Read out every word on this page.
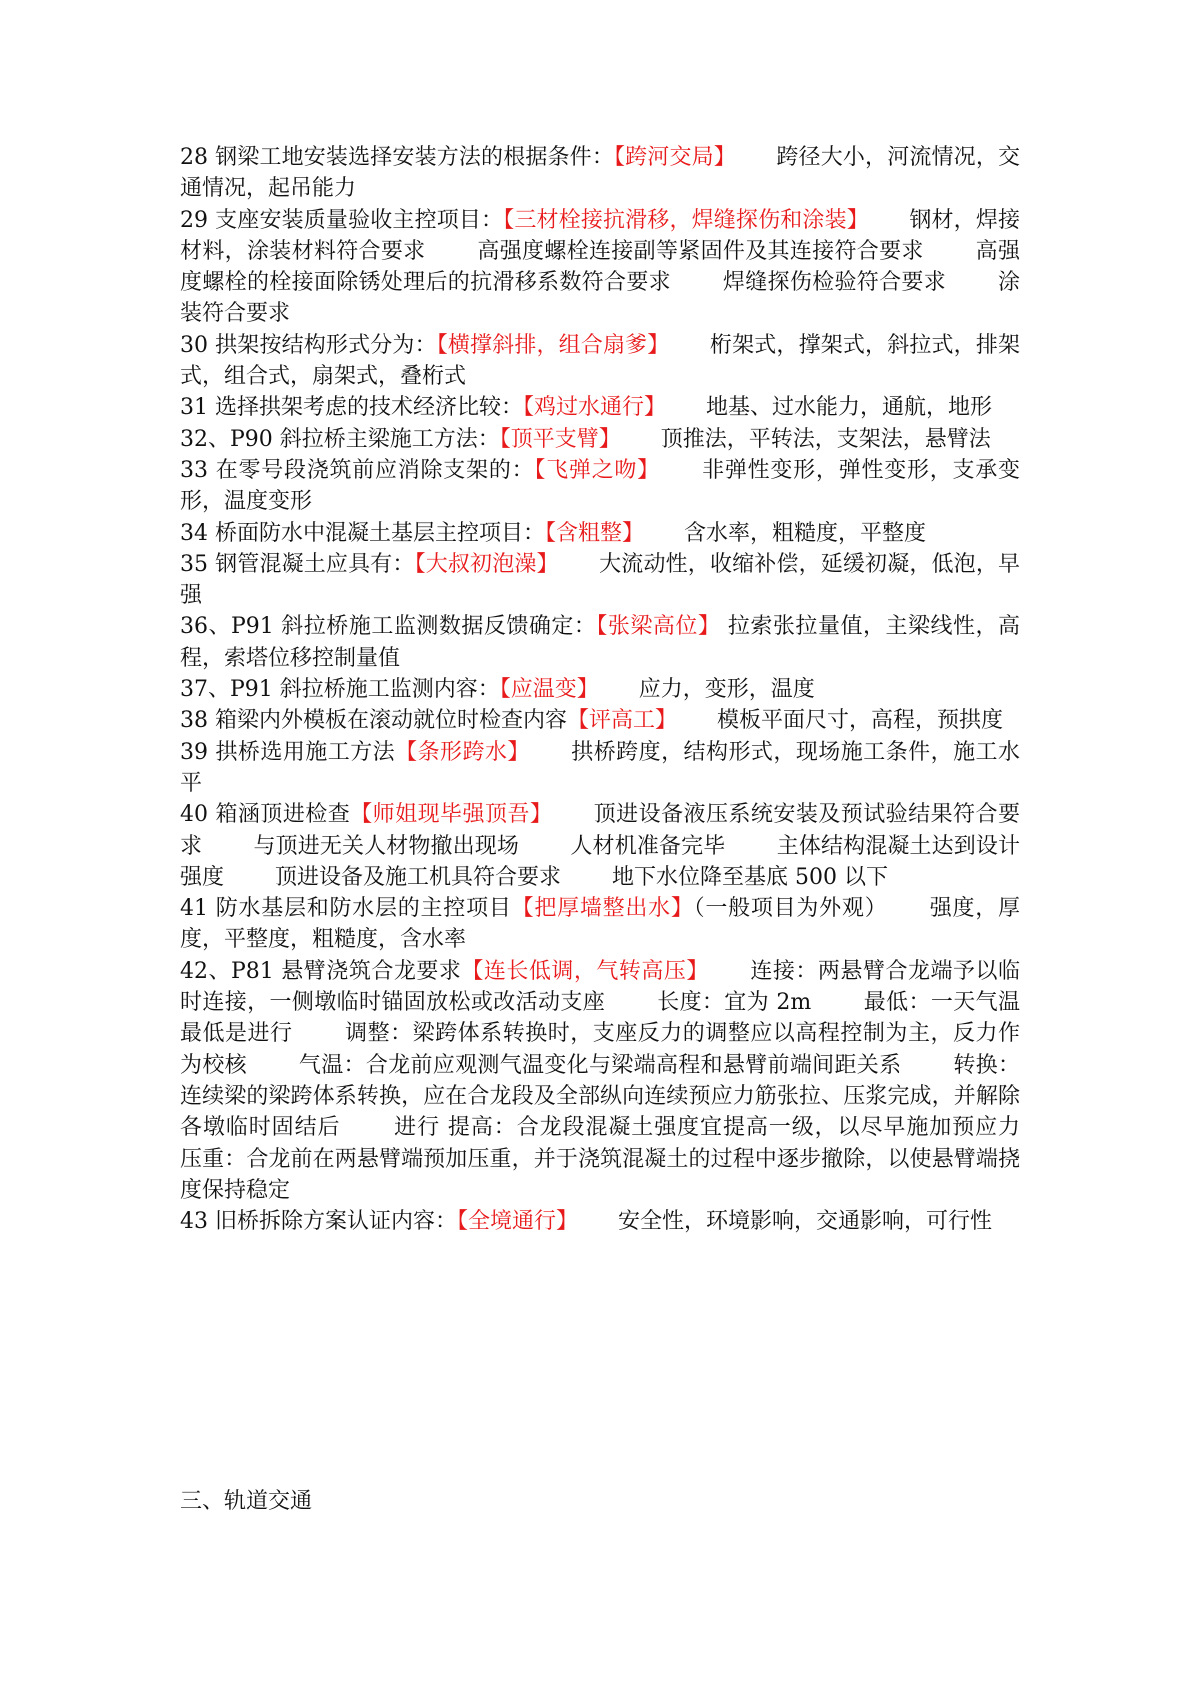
28 钢梁工地安装选择安装方法的根据条件：【跨河交局】　　 跨径大小，河流情况，交通情况，起吊能力

29 支座安装质量验收主控项目：【三材栓接抗滑移，焊缝探伤和涂装】　　 钢材，焊接材料，涂装材料符合要求　　 高强度螺栓连接副等紧固件及其连接符合要求　　 高强度螺栓的栓接面除锈处理后的抗滑移系数符合要求　　 焊缝探伤检验符合要求　　 涂装符合要求

30 拱架按结构形式分为：【横撑斜排，组合扇爹】　　 桁架式，撑架式，斜拉式，排架式，组合式，扇架式，叠桁式

31 选择拱架考虑的技术经济比较：【鸡过水通行】　　 地基、过水能力，通航，地形

32、P90 斜拉桥主梁施工方法：【顶平支臂】　　 顶推法，平转法，支架法，悬臂法

33 在零号段浇筑前应消除支架的：【飞弹之吻】　　 非弹性变形，弹性变形，支承变形，温度变形

34 桥面防水中混凝土基层主控项目：【含粗整】　　 含水率，粗糙度，平整度

35 钢管混凝土应具有：【大叔初泡澡】　　 大流动性，收缩补偿，延缓初凝，低泡，早强

36、P91 斜拉桥施工监测数据反馈确定：【张梁高位】 拉索张拉量值，主梁线性，高程，索塔位移控制量值

37、P91 斜拉桥施工监测内容：【应温变】　　 应力，变形，温度

38 箱梁内外模板在滚动就位时检查内容【评高工】　　 模板平面尺寸，高程，预拱度

39 拱桥选用施工方法【条形跨水】　　 拱桥跨度，结构形式，现场施工条件，施工水平

40 箱涵顶进检查【师姐现毕强顶吾】　　 顶进设备液压系统安装及预试验结果符合要求　　 与顶进无关人材物撤出现场　　 人材机准备完毕　　 主体结构混凝土达到设计强度　　 顶进设备及施工机具符合要求　　 地下水位降至基底 500 以下

41 防水基层和防水层的主控项目【把厚墙整出水】（一般项目为外观）　　 强度，厚度，平整度，粗糙度，含水率

42、P81 悬臂浇筑合龙要求【连长低调，气转高压】　　 连接：两悬臂合龙端予以临时连接，一侧墩临时锚固放松或改活动支座　　 长度：宜为 2m　　 最低：一天气温最低是进行　　 调整：梁跨体系转换时，支座反力的调整应以高程控制为主，反力作为校核　　 气温：合龙前应观测气温变化与梁端高程和悬臂前端间距关系　　 转换：连续梁的梁跨体系转换，应在合龙段及全部纵向连续预应力筋张拉、压浆完成，并解除各墩临时固结后　　 进行 提高：合龙段混凝土强度宜提高一级，以尽早施加预应力　　 压重：合龙前在两悬臂端预加压重，并于浇筑混凝土的过程中逐步撤除，以使悬臂端挠度保持稳定

43 旧桥拆除方案认证内容：【全境通行】　　 安全性，环境影响，交通影响，可行性

三、轨道交通
